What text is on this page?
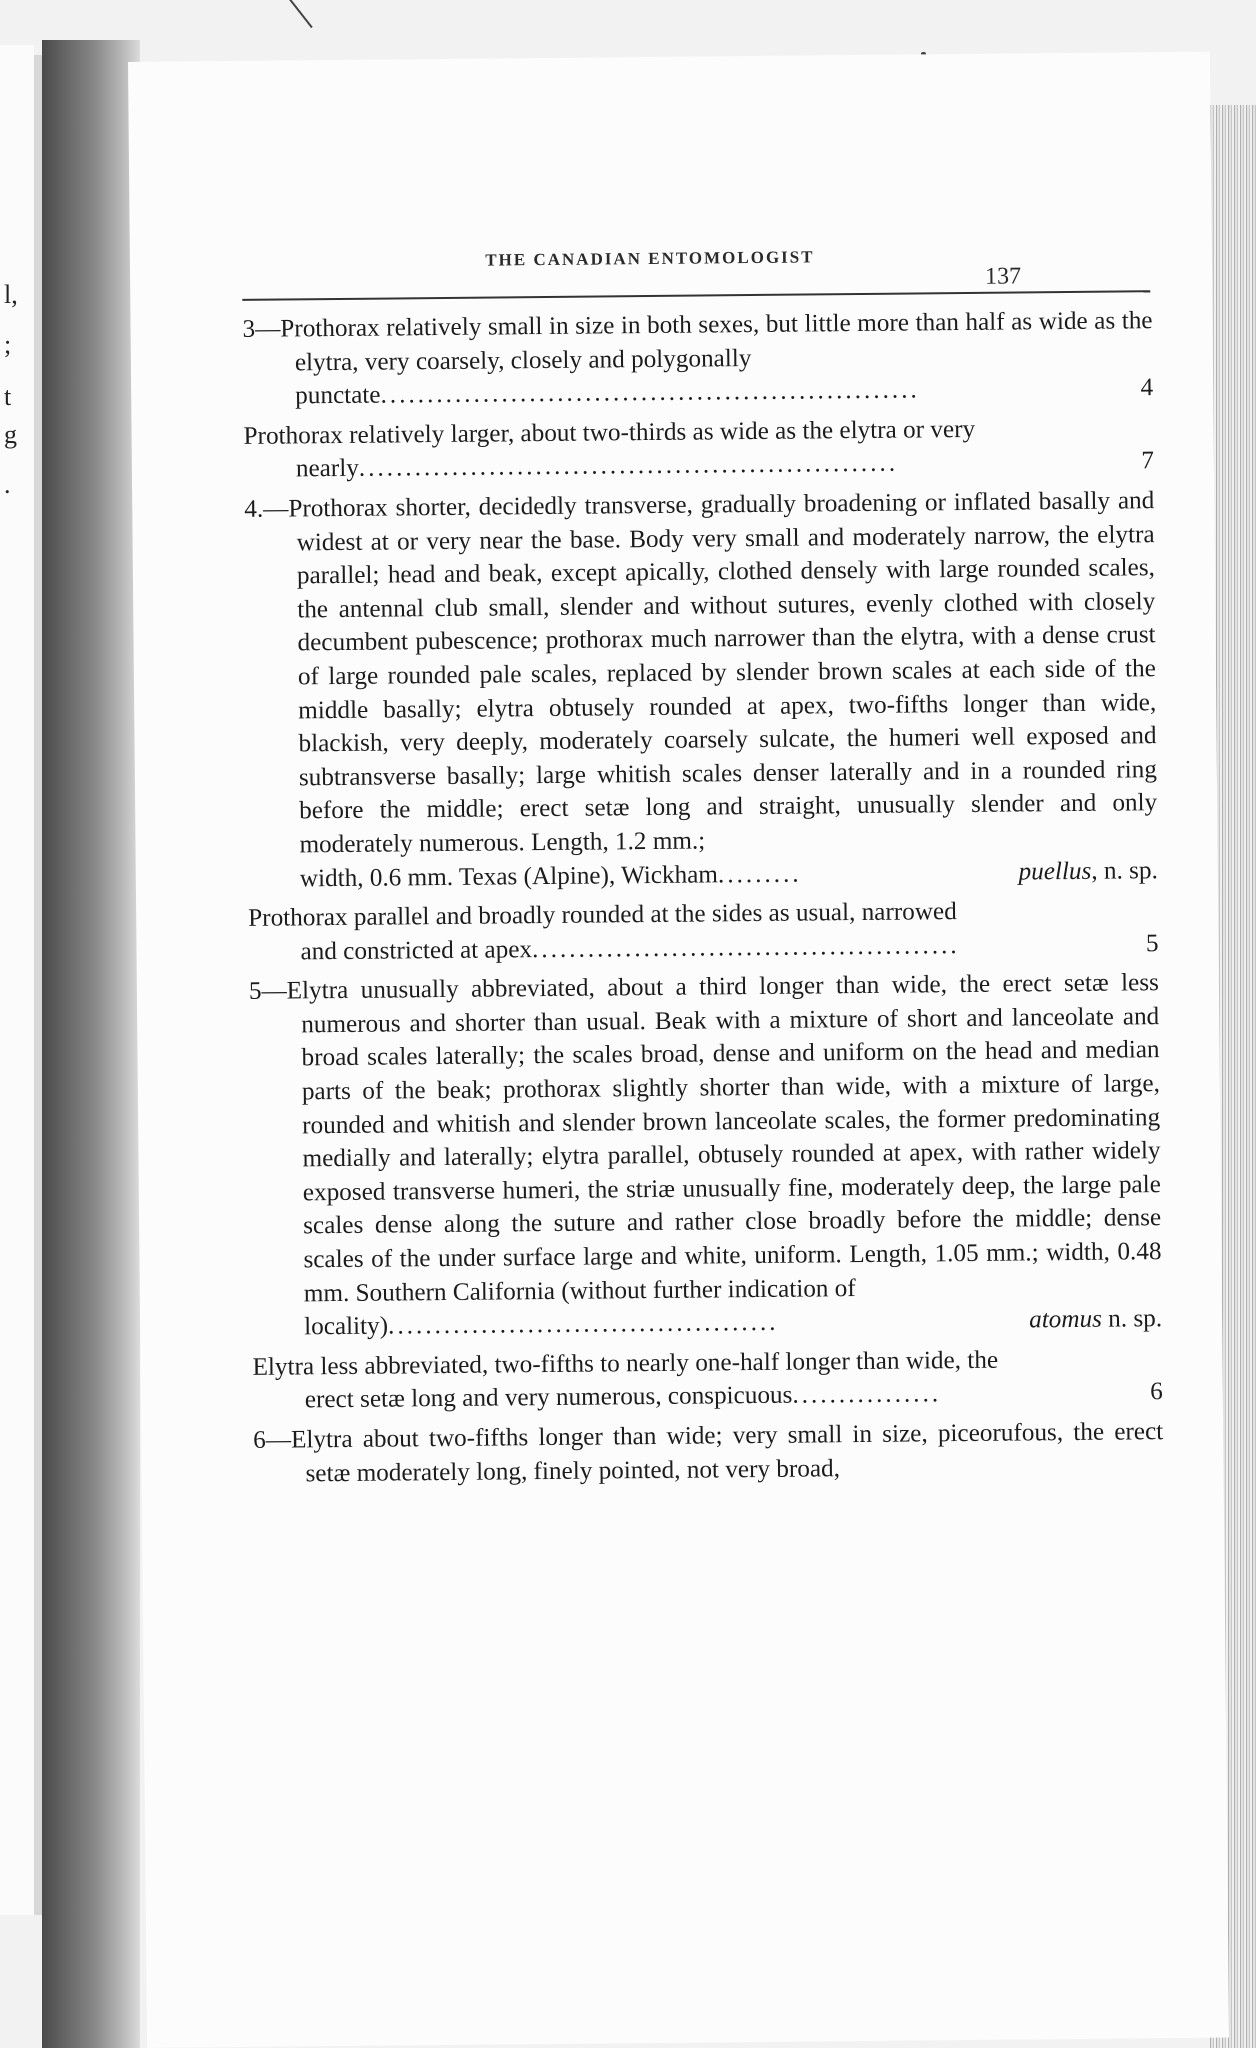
l,
;
t
g
.
THE CANADIAN ENTOMOLOGIST
137

3—Prothorax relatively small in size in both sexes, but little more than half as wide as the elytra, very coarsely, closely and polygonally
punctate..........................................................	4

Prothorax relatively larger, about two-thirds as wide as the elytra or very
nearly..........................................................	7

4.—Prothorax shorter, decidedly transverse, gradually broadening or inflated basally and widest at or very near the base. Body very small and moderately narrow, the elytra parallel; head and beak, except apically, clothed densely with large rounded scales, the antennal club small, slender and without sutures, evenly clothed with closely decumbent pubescence; prothorax much narrower than the elytra, with a dense crust of large rounded pale scales, replaced by slender brown scales at each side of the middle basally; elytra obtusely rounded at apex, two-fifths longer than wide, blackish, very deeply, moderately coarsely sulcate, the humeri well exposed and subtransverse basally; large whitish scales denser laterally and in a rounded ring before the middle; erect setæ long and straight, unusually slender and only moderately numerous. Length, 1.2 mm.;
width, 0.6 mm. Texas (Alpine), Wickham.........	puellus, n. sp.

Prothorax parallel and broadly rounded at the sides as usual, narrowed
and constricted at apex..............................................	5

5—Elytra unusually abbreviated, about a third longer than wide, the erect setæ less numerous and shorter than usual. Beak with a mixture of short and lanceolate and broad scales laterally; the scales broad, dense and uniform on the head and median parts of the beak; prothorax slightly shorter than wide, with a mixture of large, rounded and whitish and slender brown lanceolate scales, the former predominating medially and laterally; elytra parallel, obtusely rounded at apex, with rather widely exposed transverse humeri, the striæ unusually fine, moderately deep, the large pale scales dense along the suture and rather close broadly before the middle; dense scales of the under surface large and white, uniform. Length, 1.05 mm.; width, 0.48 mm. Southern California (without further indication of
locality)..........................................	atomus n. sp.

Elytra less abbreviated, two-fifths to nearly one-half longer than wide, the
erect setæ long and very numerous, conspicuous................	6

6—Elytra about two-fifths longer than wide; very small in size, piceorufous, the erect setæ moderately long, finely pointed, not very broad,
